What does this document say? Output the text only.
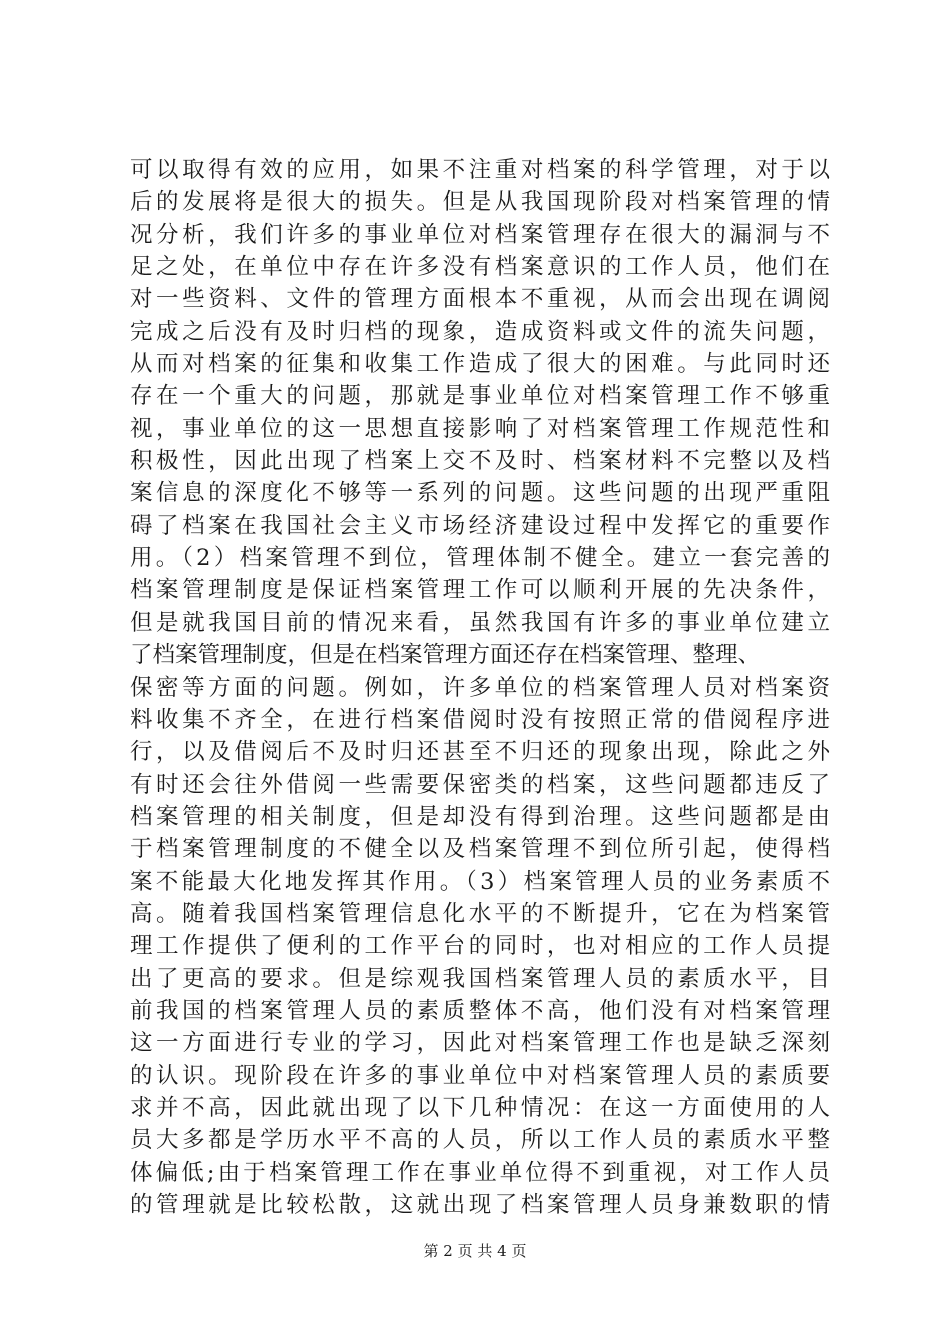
可以取得有效的应用，如果不注重对档案的科学管理，对于以
后的发展将是很大的损失。但是从我国现阶段对档案管理的情
况分析，我们许多的事业单位对档案管理存在很大的漏洞与不
足之处，在单位中存在许多没有档案意识的工作人员，他们在
对一些资料、文件的管理方面根本不重视，从而会出现在调阅
完成之后没有及时归档的现象，造成资料或文件的流失问题，
从而对档案的征集和收集工作造成了很大的困难。与此同时还
存在一个重大的问题，那就是事业单位对档案管理工作不够重
视，事业单位的这一思想直接影响了对档案管理工作规范性和
积极性，因此出现了档案上交不及时、档案材料不完整以及档
案信息的深度化不够等一系列的问题。这些问题的出现严重阻
碍了档案在我国社会主义市场经济建设过程中发挥它的重要作
用。（2）档案管理不到位，管理体制不健全。建立一套完善的
档案管理制度是保证档案管理工作可以顺利开展的先决条件，
但是就我国目前的情况来看，虽然我国有许多的事业单位建立
了档案管理制度，但是在档案管理方面还存在档案管理、整理、
保密等方面的问题。例如，许多单位的档案管理人员对档案资
料收集不齐全，在进行档案借阅时没有按照正常的借阅程序进
行，以及借阅后不及时归还甚至不归还的现象出现，除此之外
有时还会往外借阅一些需要保密类的档案，这些问题都违反了
档案管理的相关制度，但是却没有得到治理。这些问题都是由
于档案管理制度的不健全以及档案管理不到位所引起，使得档
案不能最大化地发挥其作用。（3）档案管理人员的业务素质不
高。随着我国档案管理信息化水平的不断提升，它在为档案管
理工作提供了便利的工作平台的同时，也对相应的工作人员提
出了更高的要求。但是综观我国档案管理人员的素质水平，目
前我国的档案管理人员的素质整体不高，他们没有对档案管理
这一方面进行专业的学习，因此对档案管理工作也是缺乏深刻
的认识。现阶段在许多的事业单位中对档案管理人员的素质要
求并不高，因此就出现了以下几种情况：在这一方面使用的人
员大多都是学历水平不高的人员，所以工作人员的素质水平整
体偏低;由于档案管理工作在事业单位得不到重视，对工作人员
的管理就是比较松散，这就出现了档案管理人员身兼数职的情
第 2 页 共 4 页
